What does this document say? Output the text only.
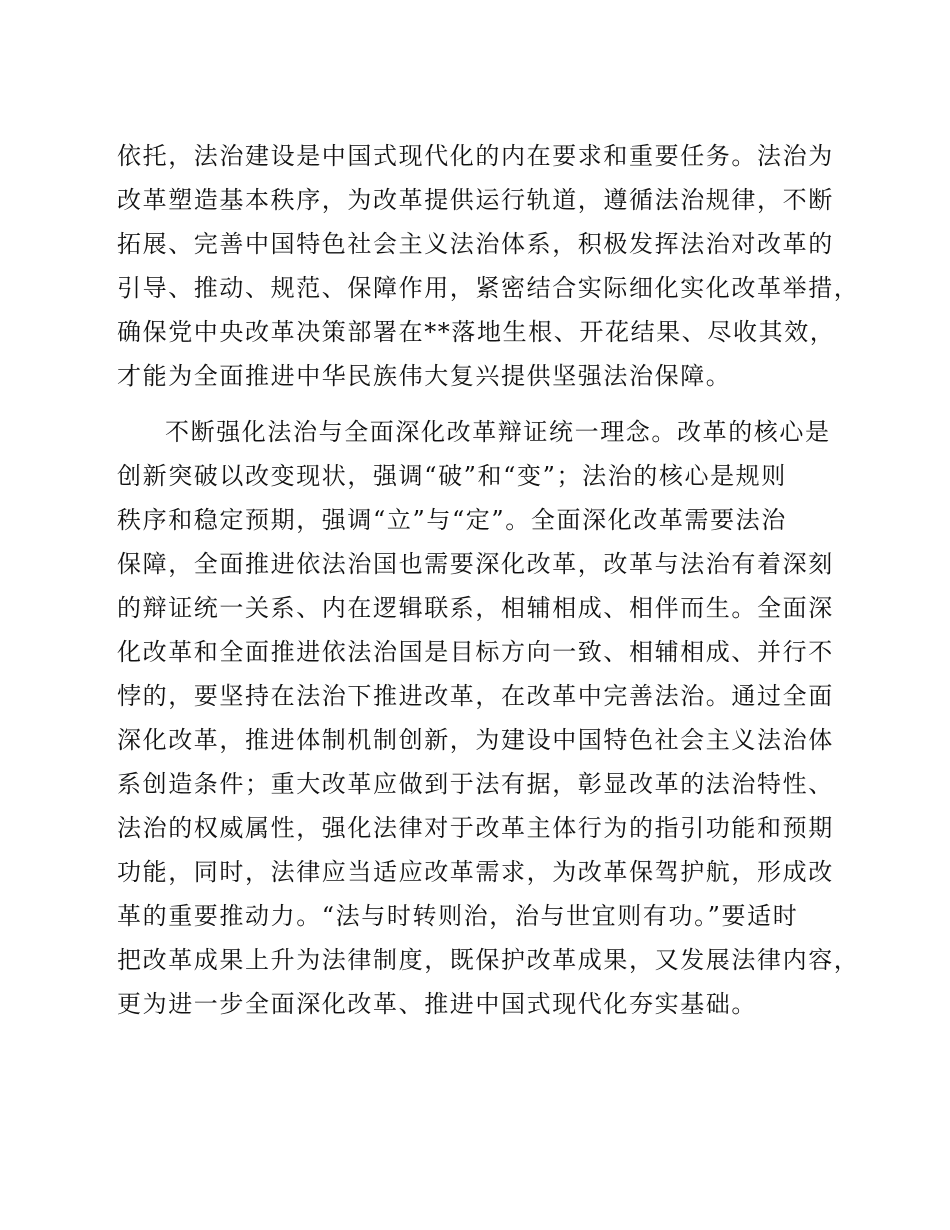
依托，法治建设是中国式现代化的内在要求和重要任务。法治为

改革塑造基本秩序，为改革提供运行轨道，遵循法治规律，不断

拓展、完善中国特色社会主义法治体系，积极发挥法治对改革的

引导、推动、规范、保障作用，紧密结合实际细化实化改革举措，

确保党中央改革决策部署在**落地生根、开花结果、尽收其效，

才能为全面推进中华民族伟大复兴提供坚强法治保障。

不断强化法治与全面深化改革辩证统一理念。改革的核心是

创新突破以改变现状，强调“破”和“变”；法治的核心是规则

秩序和稳定预期，强调“立”与“定”。全面深化改革需要法治

保障，全面推进依法治国也需要深化改革，改革与法治有着深刻

的辩证统一关系、内在逻辑联系，相辅相成、相伴而生。全面深

化改革和全面推进依法治国是目标方向一致、相辅相成、并行不

悖的，要坚持在法治下推进改革，在改革中完善法治。通过全面

深化改革，推进体制机制创新，为建设中国特色社会主义法治体

系创造条件；重大改革应做到于法有据，彰显改革的法治特性、

法治的权威属性，强化法律对于改革主体行为的指引功能和预期

功能，同时，法律应当适应改革需求，为改革保驾护航，形成改

革的重要推动力。“法与时转则治，治与世宜则有功。”要适时

把改革成果上升为法律制度，既保护改革成果，又发展法律内容，

更为进一步全面深化改革、推进中国式现代化夯实基础。
